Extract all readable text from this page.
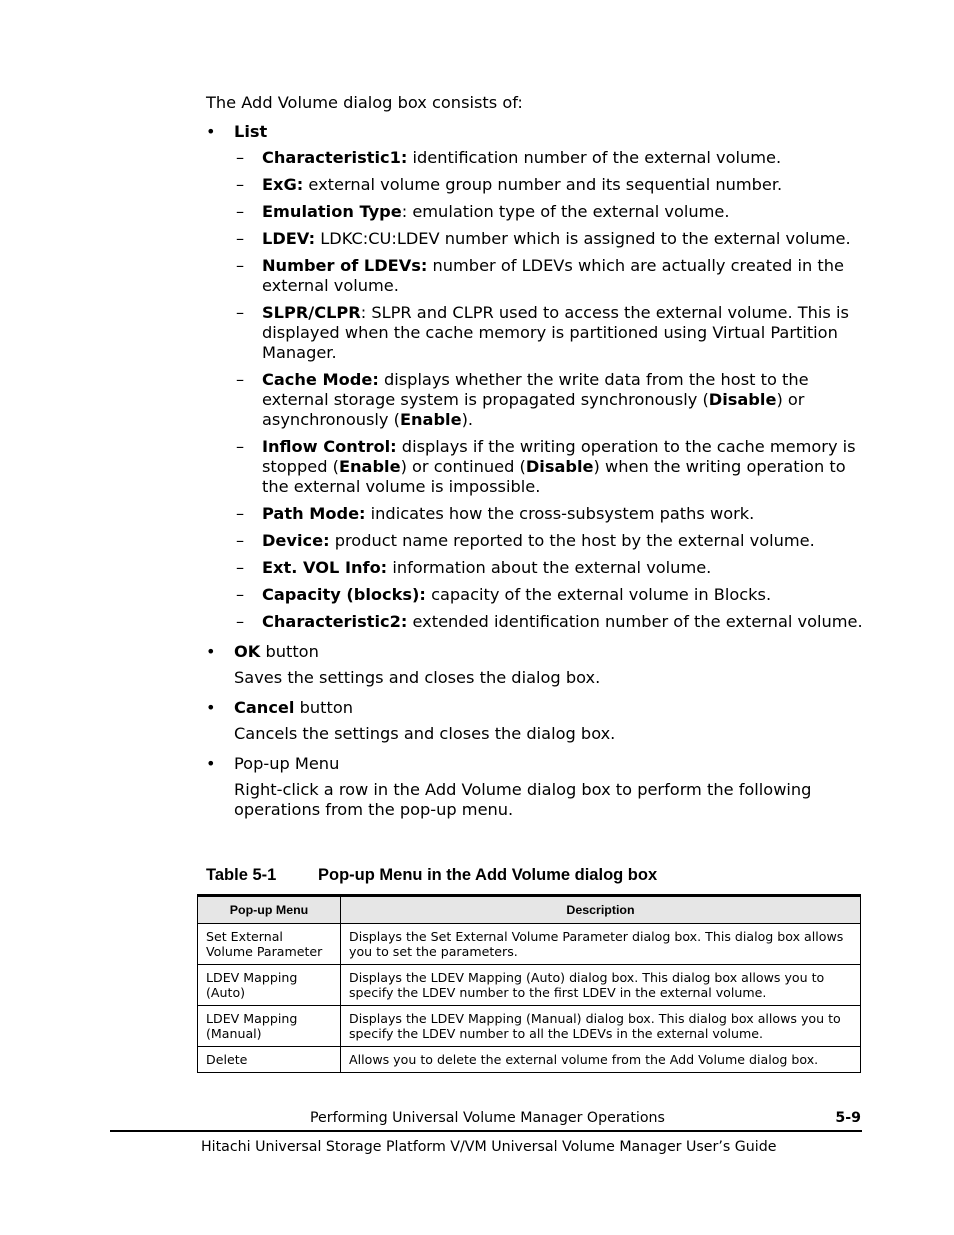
The Add Volume dialog box consists of:

• List
– Characteristic1: identification number of the external volume.
– ExG: external volume group number and its sequential number.
– Emulation Type: emulation type of the external volume.
– LDEV: LDKC:CU:LDEV number which is assigned to the external volume.
– Number of LDEVs: number of LDEVs which are actually created in the external volume.
– SLPR/CLPR: SLPR and CLPR used to access the external volume. This is displayed when the cache memory is partitioned using Virtual Partition Manager.
– Cache Mode: displays whether the write data from the host to the external storage system is propagated synchronously (Disable) or asynchronously (Enable).
– Inflow Control: displays if the writing operation to the cache memory is stopped (Enable) or continued (Disable) when the writing operation to the external volume is impossible.
– Path Mode: indicates how the cross-subsystem paths work.
– Device: product name reported to the host by the external volume.
– Ext. VOL Info: information about the external volume.
– Capacity (blocks): capacity of the external volume in Blocks.
– Characteristic2: extended identification number of the external volume.
• OK button

Saves the settings and closes the dialog box.

• Cancel button

Cancels the settings and closes the dialog box.

• Pop-up Menu

Right-click a row in the Add Volume dialog box to perform the following operations from the pop-up menu.

Table 5-1	Pop-up Menu in the Add Volume dialog box
Pop-up Menu	Description
Set External Volume Parameter	Displays the Set External Volume Parameter dialog box. This dialog box allows you to set the parameters.
LDEV Mapping (Auto)	Displays the LDEV Mapping (Auto) dialog box. This dialog box allows you to specify the LDEV number to the first LDEV in the external volume.
LDEV Mapping (Manual)	Displays the LDEV Mapping (Manual) dialog box. This dialog box allows you to specify the LDEV number to all the LDEVs in the external volume.
Delete	Allows you to delete the external volume from the Add Volume dialog box.
Performing Universal Volume Manager Operations	5-9
Hitachi Universal Storage Platform V/VM Universal Volume Manager User’s Guide
